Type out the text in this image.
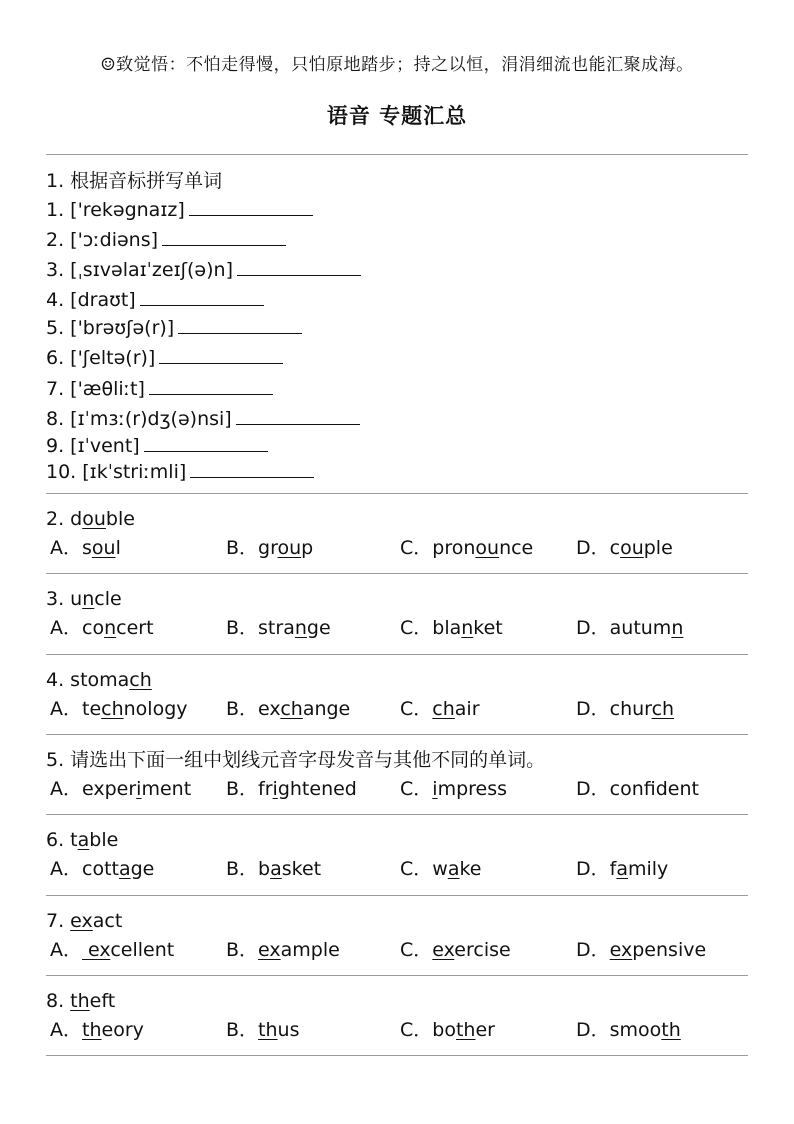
☺致觉悟：不怕走得慢，只怕原地踏步；持之以恒，涓涓细流也能汇聚成海。
语音 专题汇总
1. 根据音标拼写单词
1. ['rekəgnaɪz]
2. ['ɔːdiəns]
3. [ˌsɪvəlaɪˈzeɪʃ(ə)n]
4. [draʊt]
5. ['brəʊʃə(r)]
6. ['ʃeltə(r)]
7. ['æθliːt]
8. [ɪˈmɜː(r)dʒ(ə)nsi]
9. [ɪˈvent]
10. [ɪkˈstriːmli]
2. double
A．soul	B．group	C．pronounce D．couple
3. uncle
A．concert	B．strange	C．blanket	D．autumn
4. stomach
A．technology B．exchange	C．chair	D．church
5. 请选出下面一组中划线元音字母发音与其他不同的单词。
A．experiment B．frightened C．impress	D．confdent
6. table
A．cottage	B．basket	C．wake	D．family
7. exact
A． excellent	B．example	C．exercise	D．expensive
8. theft
A．theory	B．thus	C．bother	D．smooth
